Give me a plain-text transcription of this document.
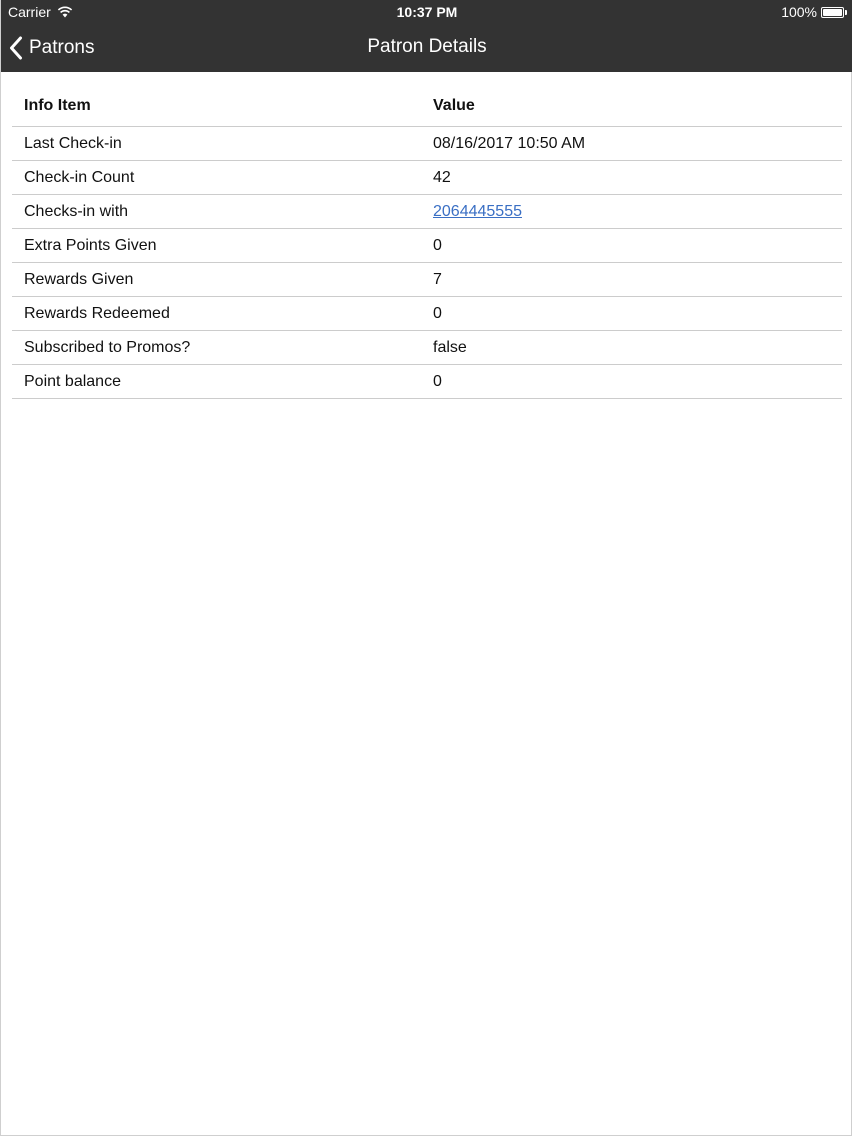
Carrier	10:37 PM	100%
Patrons	Patron Details
Info Item	Value
Last Check-in	08/16/2017 10:50 AM
Check-in Count	42
Checks-in with	2064445555
Extra Points Given	0
Rewards Given	7
Rewards Redeemed	0
Subscribed to Promos?	false
Point balance	0
